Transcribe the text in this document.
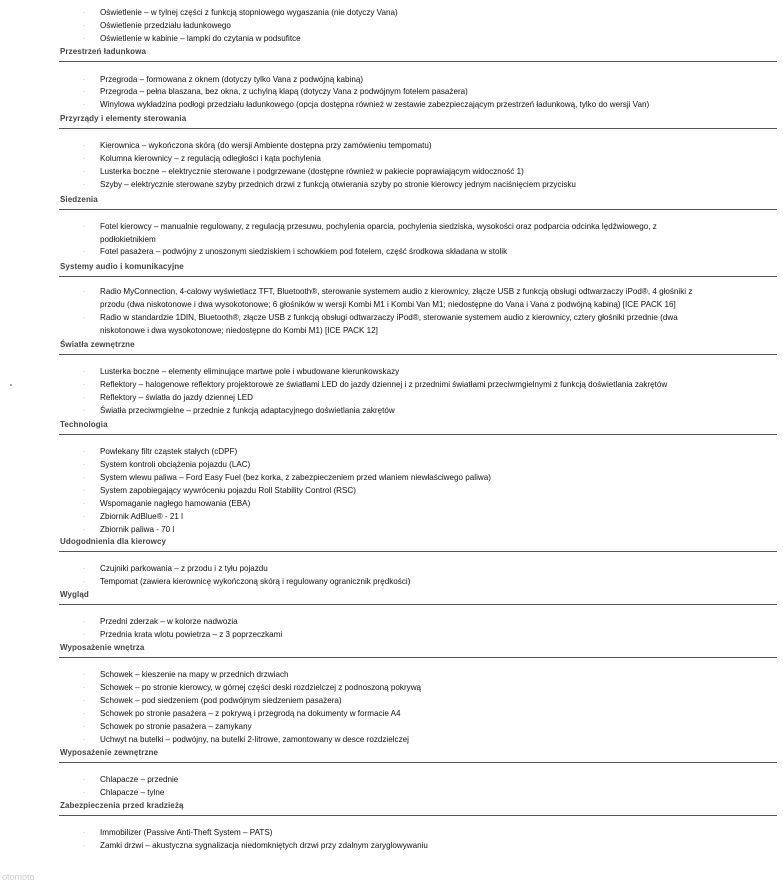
·	Oświetlenie – w tylnej części z funkcją stopniowego wygaszania (nie dotyczy Vana)
·	Oświetlenie przedziału ładunkowego
·	Oświetlenie w kabinie – lampki do czytania w podsufitce
Przestrzeń ładunkowa
·	Przegroda – formowana z oknem (dotyczy tylko Vana z podwójną kabiną)
·	Przegroda – pełna blaszana, bez okna, z uchylną klapą (dotyczy Vana z podwójnym fotelem pasażera)
·	Winylowa wykładzina podłogi przedziału ładunkowego (opcja dostępna również w zestawie zabezpieczającym przestrzeń ładunkową, tylko do wersji Van)
Przyrządy i elementy sterowania
·	Kierownica – wykończona skórą (do wersji Ambiente dostępna przy zamówieniu tempomatu)
·	Kolumna kierownicy – z regulacją odległości i kąta pochylenia
·	Lusterka boczne – elektrycznie sterowane i podgrzewane (dostępne również w pakiecie poprawiającym widoczność 1)
·	Szyby – elektrycznie sterowane szyby przednich drzwi z funkcją otwierania szyby po stronie kierowcy jednym naciśnięciem przycisku
Siedzenia
·	Fotel kierowcy – manualnie regulowany, z regulacją przesuwu, pochylenia oparcia, pochylenia siedziska, wysokości oraz podparcia odcinka lędźwiowego, z podłokietnikiem
·	Fotel pasażera – podwójny z unoszonym siedziskiem i schowkiem pod fotelem, część środkowa składana w stolik
Systemy audio i komunikacyjne
·	Radio MyConnection, 4-calowy wyświetlacz TFT, Bluetooth®, sterowanie systemem audio z kierownicy, złącze USB z funkcją obsługi odtwarzaczy iPod®, 4 głośniki z przodu (dwa niskotonowe i dwa wysokotonowe; 6 głośników w wersji Kombi M1 i Kombi Van M1; niedostępne do Vana i Vana z podwójną kabiną) [ICE PACK 16]
·	Radio w standardzie 1DIN, Bluetooth®, złącze USB z funkcją obsługi odtwarzaczy iPod®, sterowanie systemem audio z kierownicy, cztery głośniki przednie (dwa niskotonowe i dwa wysokotonowe; niedostępne do Kombi M1) [ICE PACK 12]
Światła zewnętrzne
·	Lusterka boczne – elementy eliminujące martwe pole i wbudowane kierunkowskazy
·	Reflektory – halogenowe reflektory projektorowe ze światłami LED do jazdy dziennej i z przednimi światłami przeciwmgielnymi z funkcją doświetlania zakrętów
·	Reflektory – światła do jazdy dziennej LED
·	Światła przeciwmgielne – przednie z funkcją adaptacyjnego doświetlania zakrętów
Technologia
·	Powlekany filtr cząstek stałych (cDPF)
·	System kontroli obciążenia pojazdu (LAC)
·	System wlewu paliwa – Ford Easy Fuel (bez korka, z zabezpieczeniem przed wlaniem niewłaściwego paliwa)
·	System zapobiegający wywróceniu pojazdu Roll Stability Control (RSC)
·	Wspomaganie nagłego hamowania (EBA)
·	Zbiornik AdBlue® - 21 l
·	Zbiornik paliwa - 70 l
Udogodnienia dla kierowcy
·	Czujniki parkowania – z przodu i z tyłu pojazdu
·	Tempomat (zawiera kierownicę wykończoną skórą i regulowany ogranicznik prędkości)
Wygląd
·	Przedni zderzak – w kolorze nadwozia
·	Przednia krata wlotu powietrza – z 3 poprzeczkami
Wyposażenie wnętrza
·	Schowek – kieszenie na mapy w przednich drzwiach
·	Schowek – po stronie kierowcy, w górnej części deski rozdzielczej z podnoszoną pokrywą
·	Schowek – pod siedzeniem (pod podwójnym siedzeniem pasażera)
·	Schowek po stronie pasażera – z pokrywą i przegrodą na dokumenty w formacie A4
·	Schowek po stronie pasażera – zamykany
·	Uchwyt na butelki – podwójny, na butelki 2-litrowe, zamontowany w desce rozdzielczej
Wyposażenie zewnętrzne
·	Chlapacze – przednie
·	Chlapacze – tylne
Zabezpieczenia przed kradzieżą
·	Immobilizer (Passive Anti-Theft System – PATS)
·	Zamki drzwi – akustyczna sygnalizacja niedomkniętych drzwi przy zdalnym zaryglowywaniu
otomoto
